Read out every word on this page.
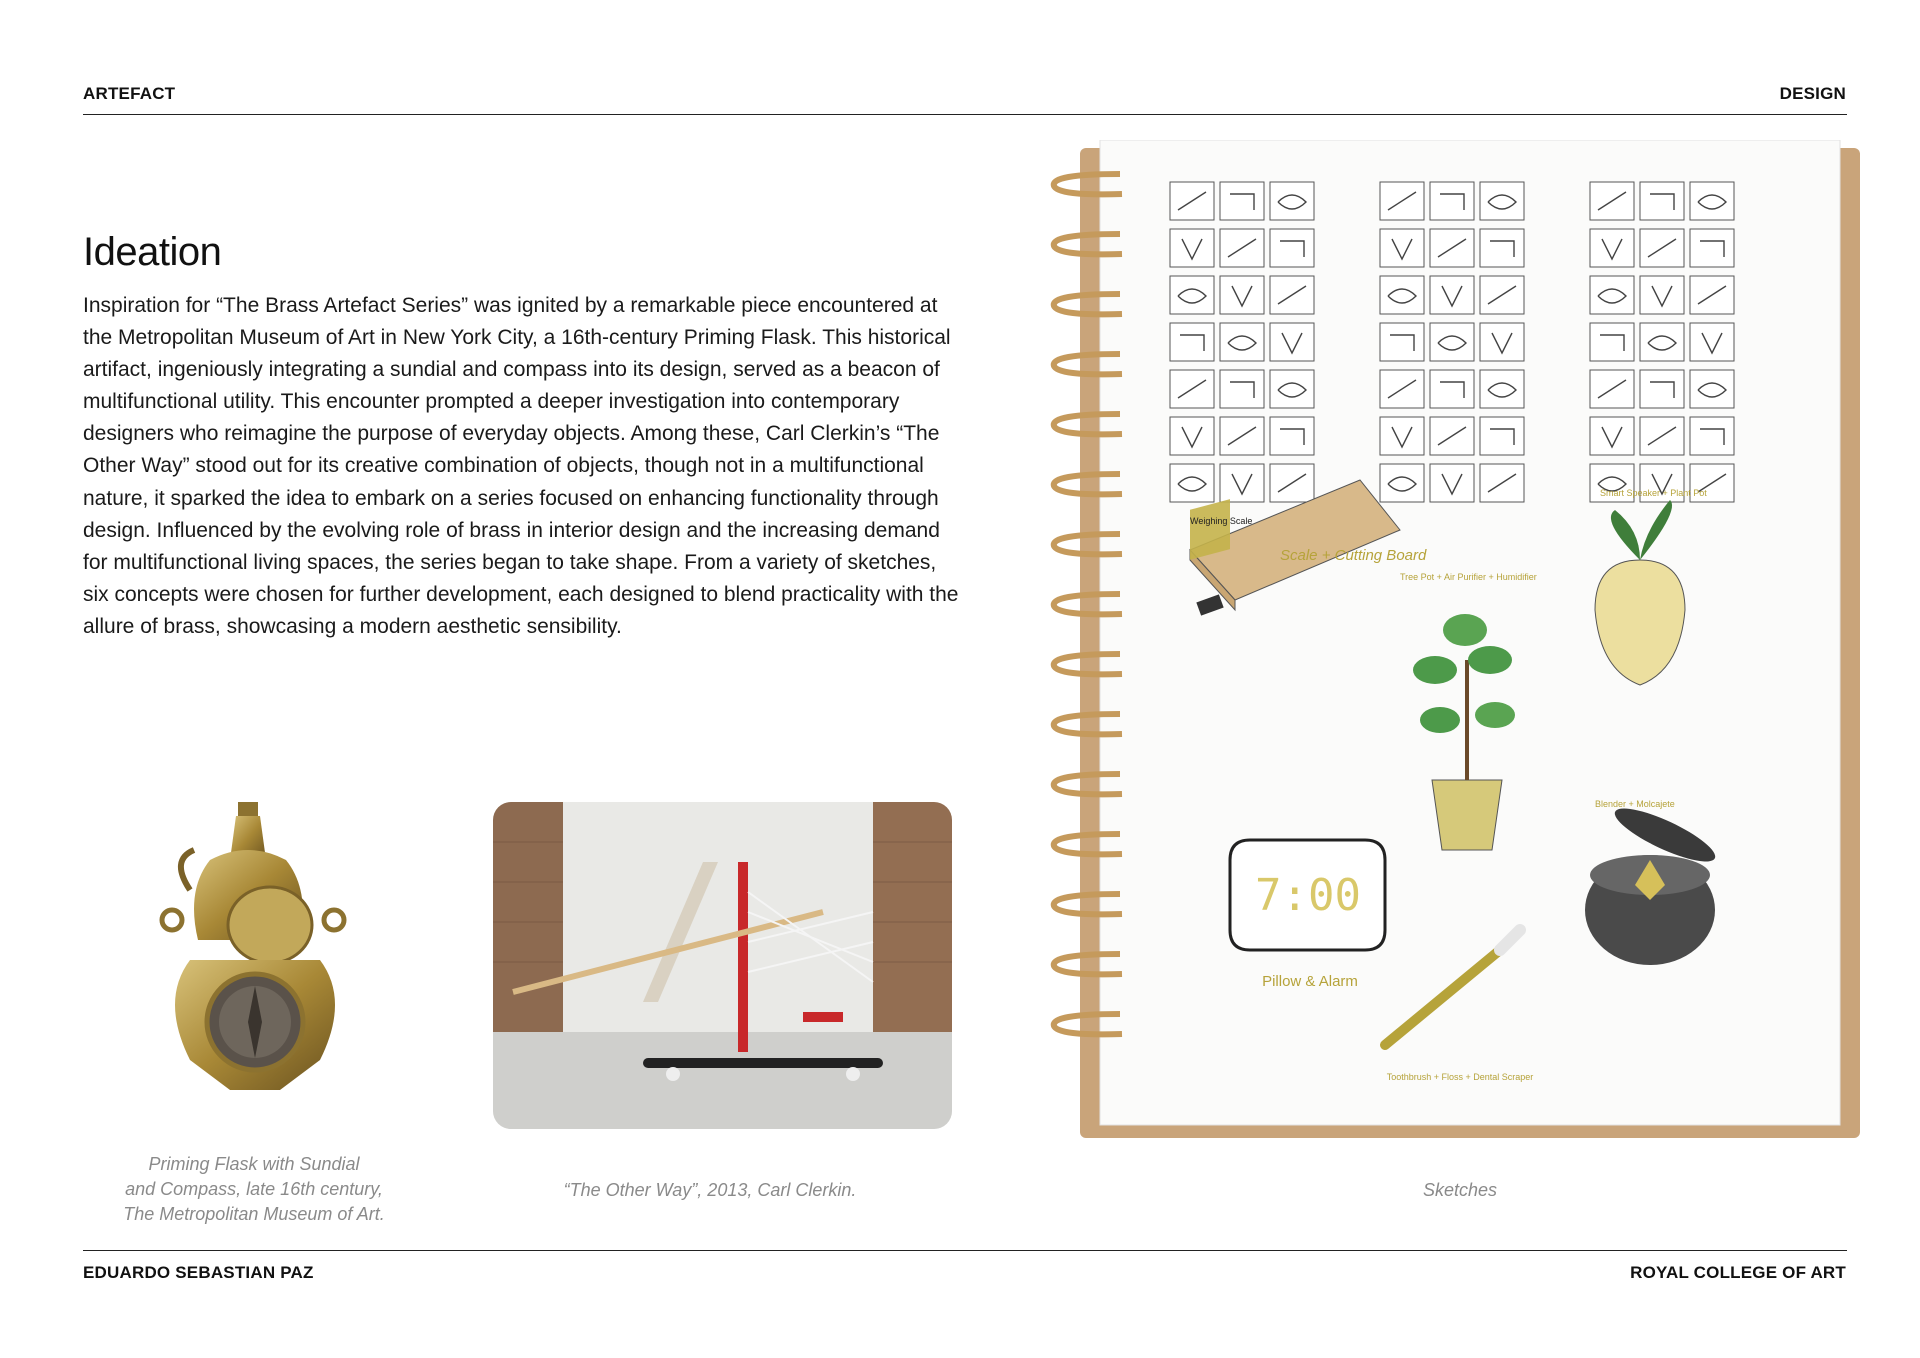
ARTEFACT	DESIGN
Ideation

Inspiration for “The Brass Artefact Series” was ignited by a remarkable piece encountered at the Metropolitan Museum of Art in New York City, a 16th-century Priming Flask. This historical artifact, ingeniously integrating a sundial and compass into its design, served as a beacon of multifunctional utility. This encounter prompted a deeper investigation into contemporary designers who reimagine the purpose of everyday objects. Among these, Carl Clerkin’s “The Other Way” stood out for its creative combination of objects, though not in a multifunctional nature, it sparked the idea to embark on a series focused on enhancing functionality through design. Influenced by the evolving role of brass in interior design and the increasing demand for multifunctional living spaces, the series began to take shape. From a variety of sketches, six concepts were chosen for further development, each designed to blend practicality with the allure of brass, showcasing a modern aesthetic sensibility.

Priming Flask with Sundial
and Compass, late 16th century,
The Metropolitan Museum of Art.
“The Other Way”, 2013, Carl Clerkin.	Sketches
Weighing Scale
Scale + Cutting Board
Tree Pot + Air Purifier + Humidifier
Smart Speaker + Plant Pot
7:00
Pillow & Alarm
Blender + Molcajete
Toothbrush + Floss + Dental Scraper
EDUARDO SEBASTIAN PAZ	ROYAL COLLEGE OF ART
